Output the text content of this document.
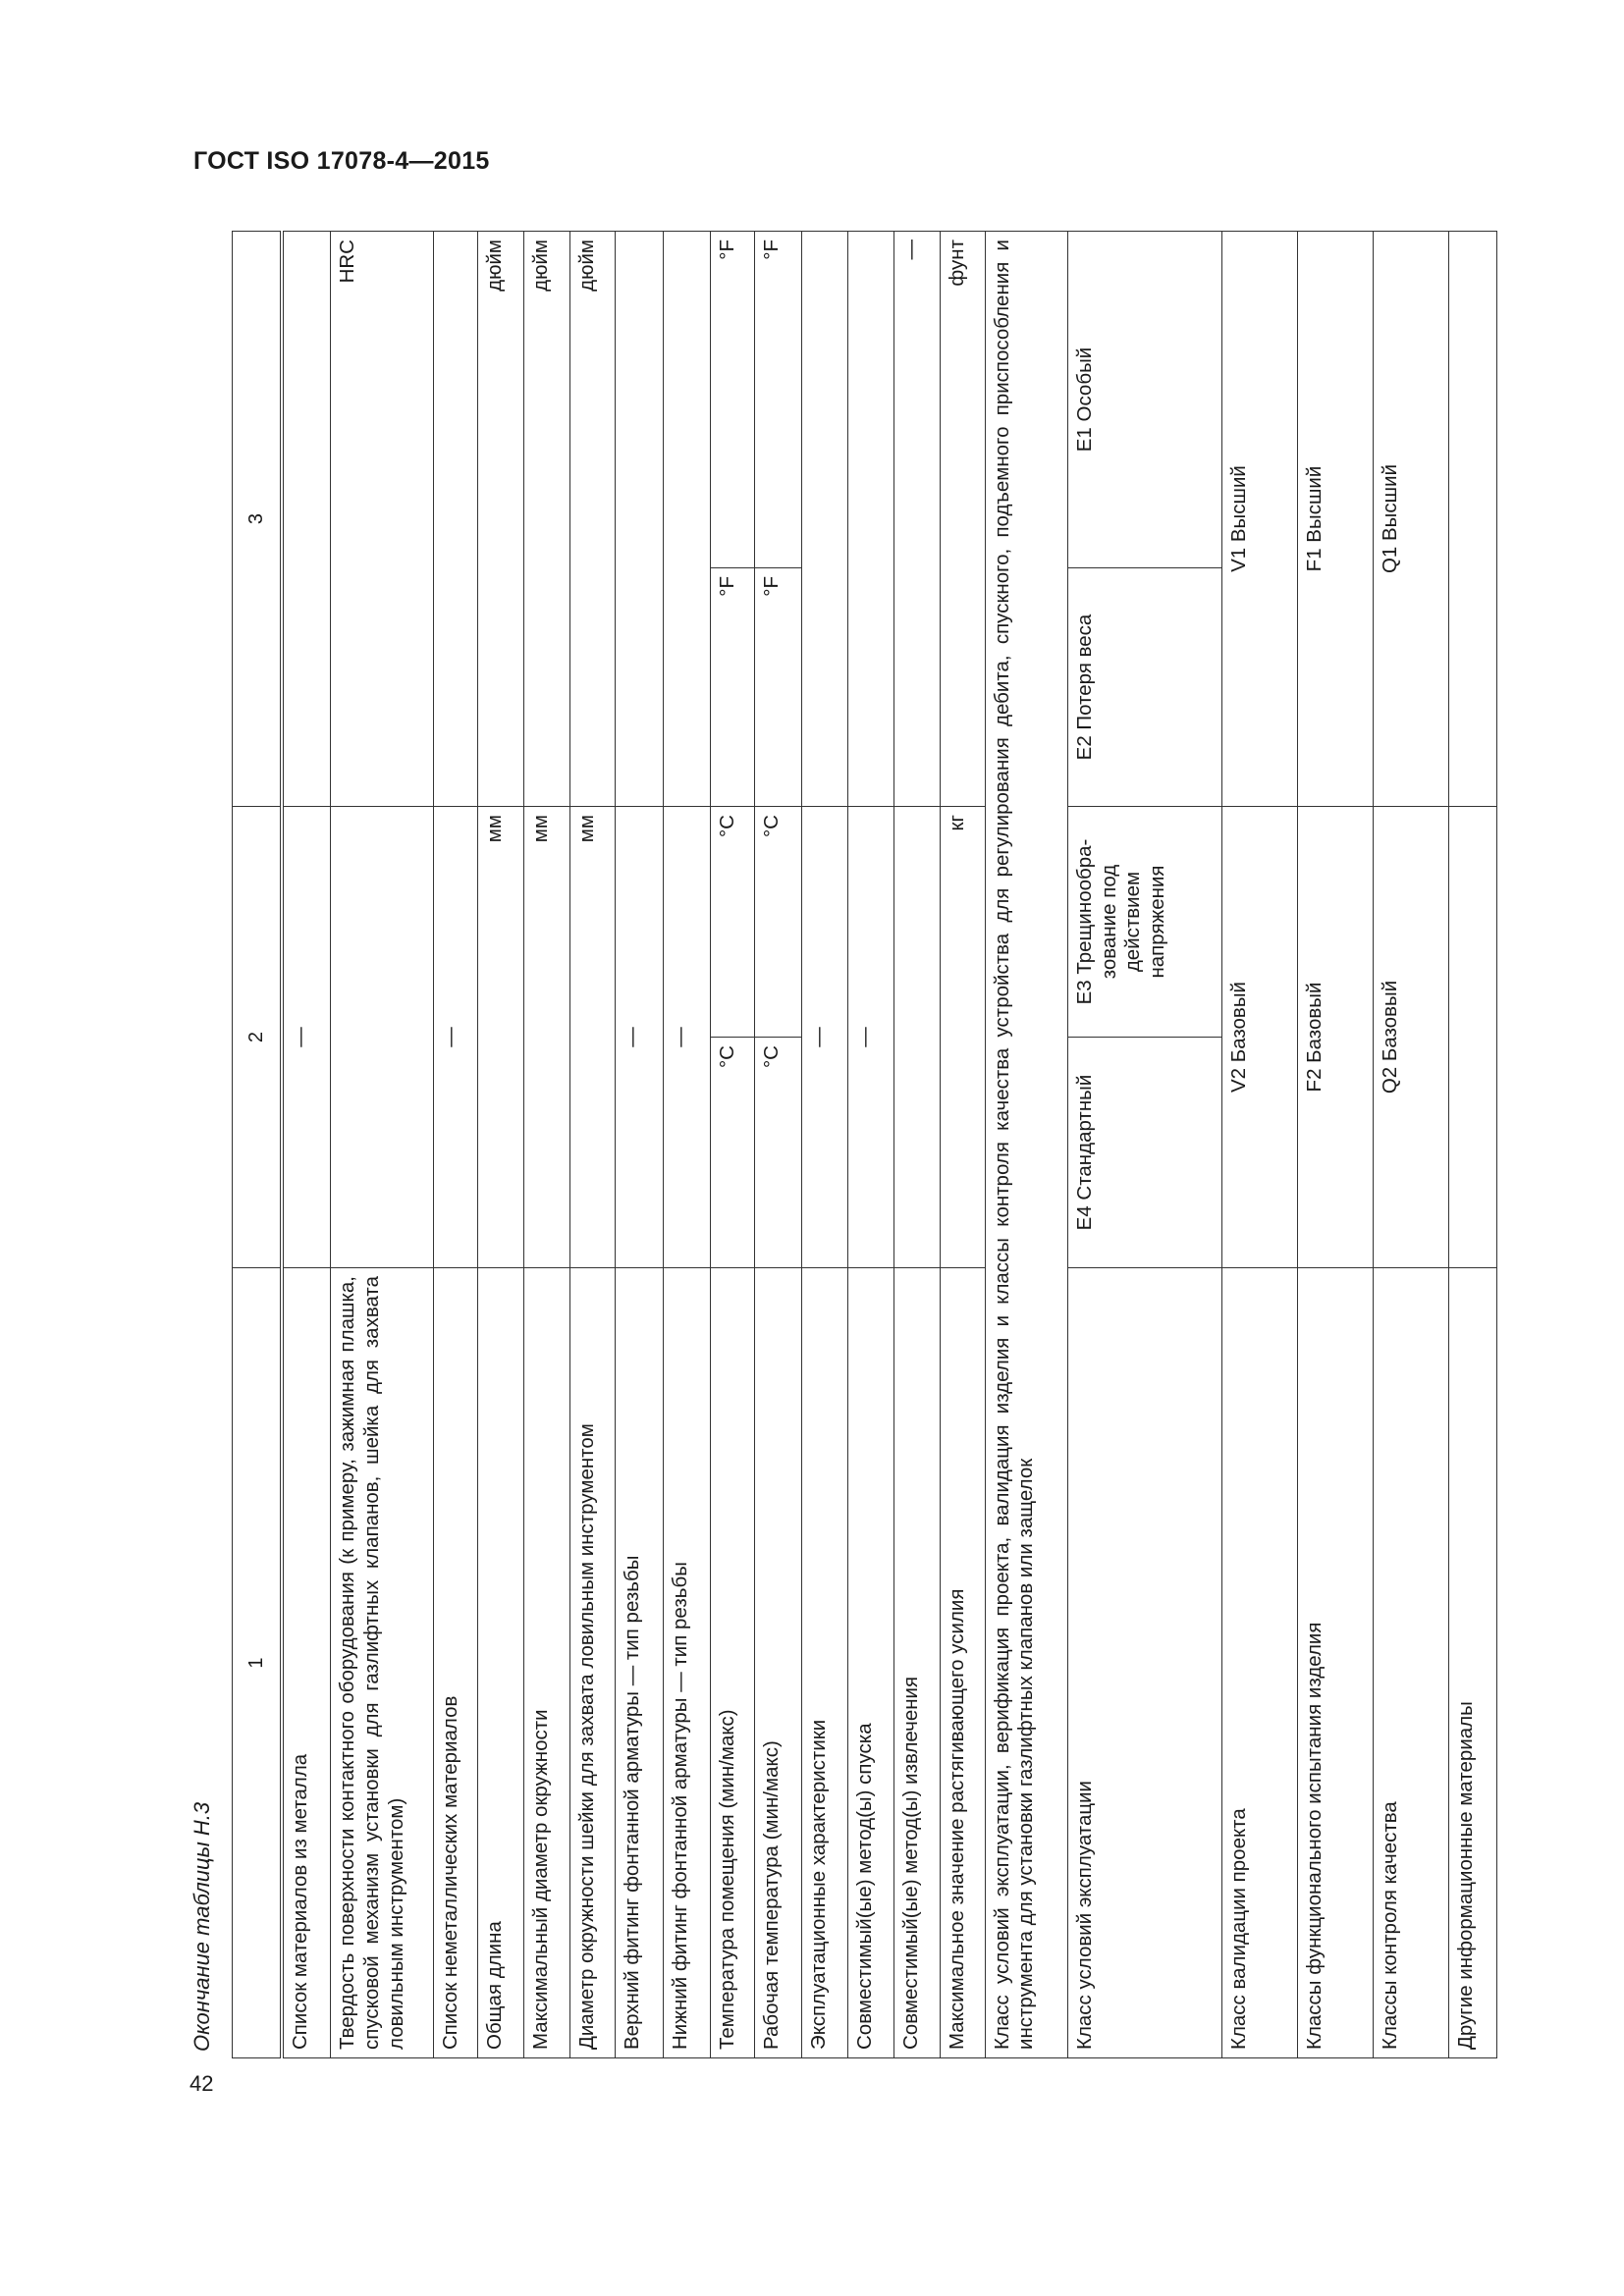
ГОСТ ISO 17078-4—2015
42
Окончание таблицы Н.3
1	2		3	
Список материалов из металла	—			
Твердость поверхности контактного оборудования (к примеру, зажимная плашка, спусковой механизм установки для газлифтных клапанов, шейка для захвата ловильным инструментом)			HRC	
Список неметаллических материалов	—			
Общая длина	мм		дюйм	
Максимальный диаметр окружности	мм		дюйм	
Диаметр окружности шейки для захвата ловильным инструментом	мм		дюйм	
Верхний фитинг фонтанной арматуры — тип резьбы	—			
Нижний фитинг фонтанной арматуры — тип резьбы	—			
Температура помещения (мин/макс)	°C	°C	°F	°F
Рабочая температура (мин/макс)	°C	°C	°F	°F
Эксплуатационные характеристики	—			
Совместимый(ые) метод(ы) спуска	—			
Совместимый(ые) метод(ы) извлечения			—	
Максимальное значение растягивающего усилия	кг		фунт	
Класс условий эксплуатации, верификация проекта, валидация изделия и классы контроля качества устройства для регулирования дебита, спускного, подъемного приспособления и инструмента для установки газлифтных клапанов или защелок				
Класс условий эксплуатации	E4 Стандартный	E3 Трещинообра-зование под действием напряжения	E2 Потеря веса	E1 Особый
Класс валидации проекта	V2 Базовый		V1 Высший	
Классы функционального испытания изделия	F2 Базовый		F1 Высший	
Классы контроля качества	Q2 Базовый		Q1 Высший	
Другие информационные материалы				
